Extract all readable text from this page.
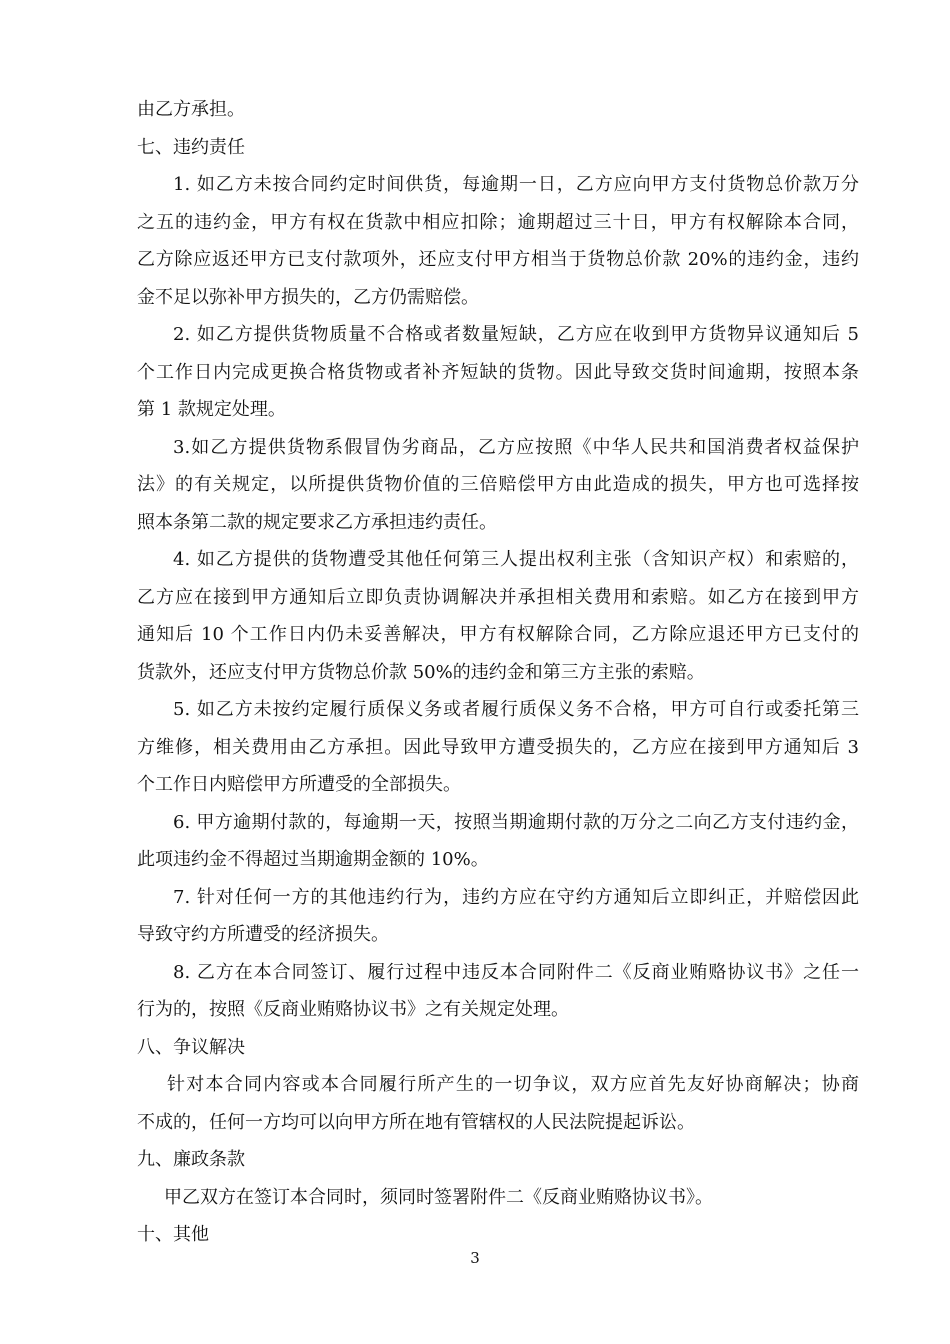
由乙方承担。
七、违约责任
1. 如乙方未按合同约定时间供货，每逾期一日，乙方应向甲方支付货物总价款万分
之五的违约金，甲方有权在货款中相应扣除；逾期超过三十日，甲方有权解除本合同，
乙方除应返还甲方已支付款项外，还应支付甲方相当于货物总价款 20%的违约金，违约
金不足以弥补甲方损失的，乙方仍需赔偿。
2. 如乙方提供货物质量不合格或者数量短缺，乙方应在收到甲方货物异议通知后 5
个工作日内完成更换合格货物或者补齐短缺的货物。因此导致交货时间逾期，按照本条
第 1 款规定处理。
3.如乙方提供货物系假冒伪劣商品，乙方应按照《中华人民共和国消费者权益保护
法》的有关规定，以所提供货物价值的三倍赔偿甲方由此造成的损失，甲方也可选择按
照本条第二款的规定要求乙方承担违约责任。
4. 如乙方提供的货物遭受其他任何第三人提出权利主张（含知识产权）和索赔的，
乙方应在接到甲方通知后立即负责协调解决并承担相关费用和索赔。如乙方在接到甲方
通知后 10 个工作日内仍未妥善解决，甲方有权解除合同，乙方除应退还甲方已支付的
货款外，还应支付甲方货物总价款 50%的违约金和第三方主张的索赔。
5. 如乙方未按约定履行质保义务或者履行质保义务不合格，甲方可自行或委托第三
方维修，相关费用由乙方承担。因此导致甲方遭受损失的，乙方应在接到甲方通知后 3
个工作日内赔偿甲方所遭受的全部损失。
6. 甲方逾期付款的，每逾期一天，按照当期逾期付款的万分之二向乙方支付违约金，
此项违约金不得超过当期逾期金额的 10%。
7. 针对任何一方的其他违约行为，违约方应在守约方通知后立即纠正，并赔偿因此
导致守约方所遭受的经济损失。
8. 乙方在本合同签订、履行过程中违反本合同附件二《反商业贿赂协议书》之任一
行为的，按照《反商业贿赂协议书》之有关规定处理。
八、争议解决
针对本合同内容或本合同履行所产生的一切争议，双方应首先友好协商解决；协商
不成的，任何一方均可以向甲方所在地有管辖权的人民法院提起诉讼。
九、廉政条款
甲乙双方在签订本合同时，须同时签署附件二《反商业贿赂协议书》。
十、其他
3
